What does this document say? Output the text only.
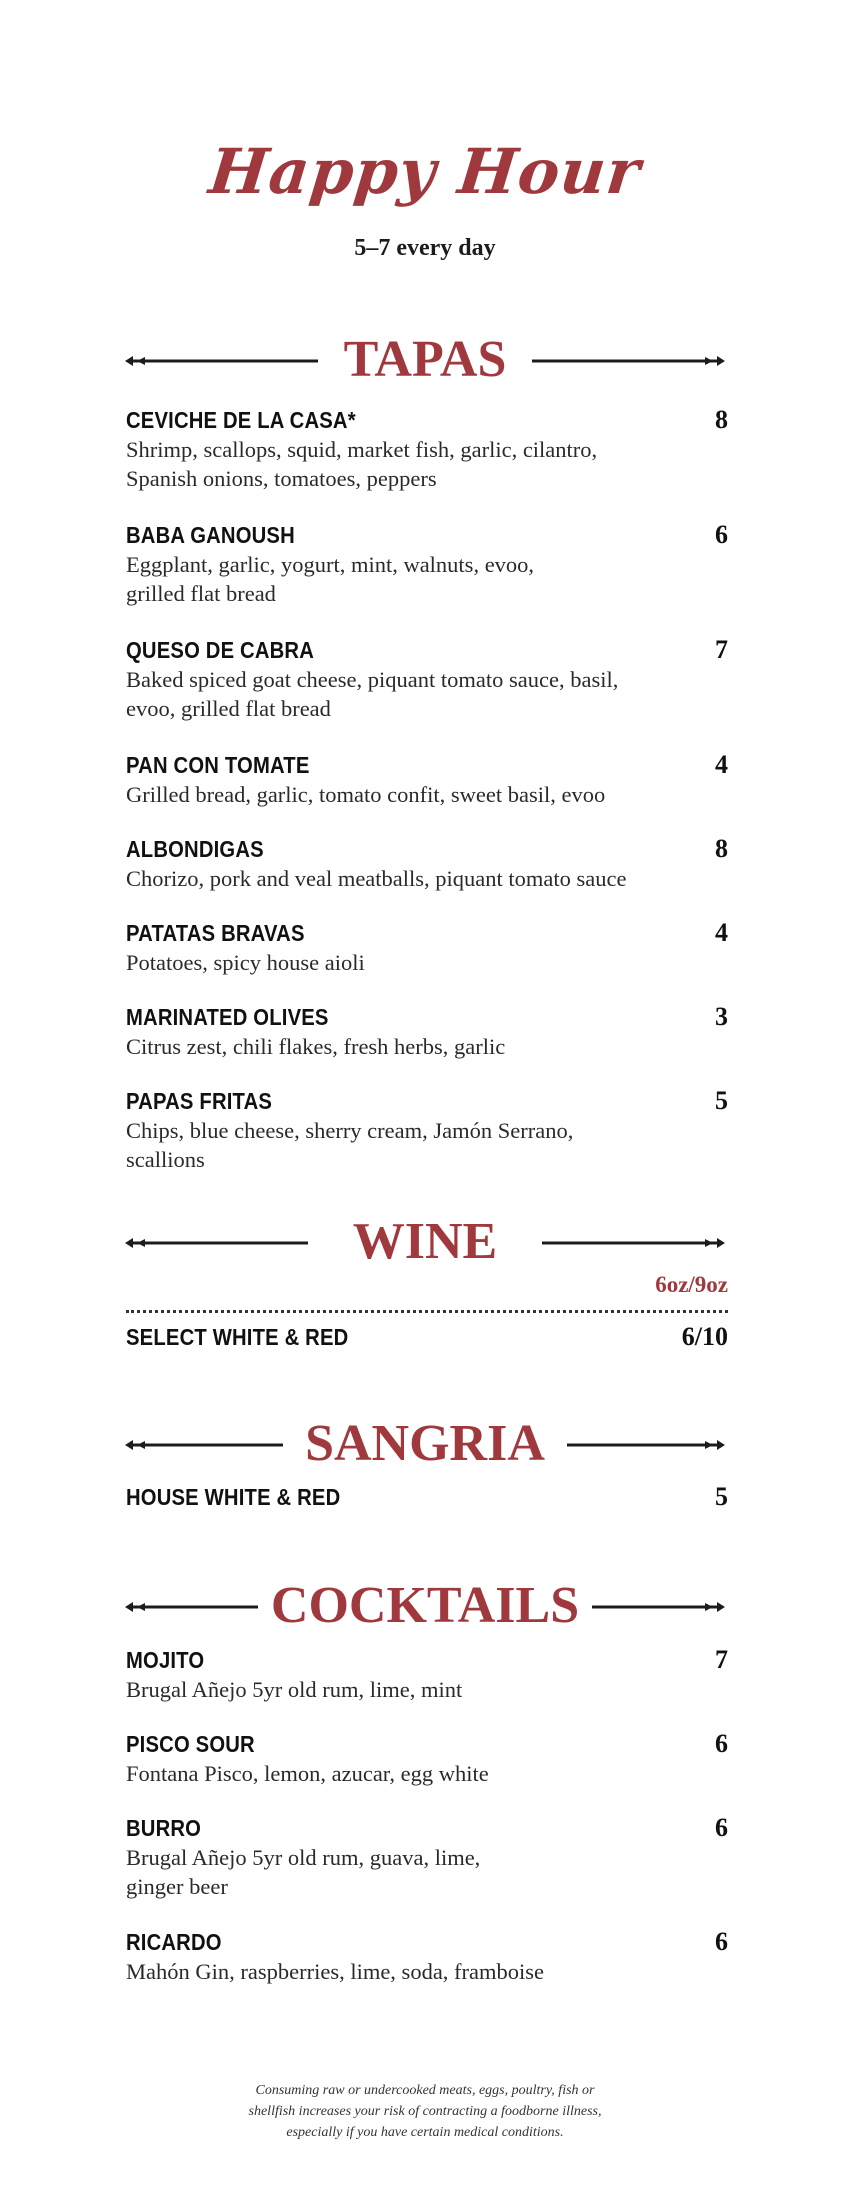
Happy Hour
5–7 every day
TAPAS
CEVICHE DE LA CASA*	8
Shrimp, scallops, squid, market fish, garlic, cilantro,
Spanish onions, tomatoes, peppers
BABA GANOUSH	6
Eggplant, garlic, yogurt, mint, walnuts, evoo,
grilled flat bread
QUESO DE CABRA	7
Baked spiced goat cheese, piquant tomato sauce, basil,
evoo, grilled flat bread
PAN CON TOMATE	4
Grilled bread, garlic, tomato confit, sweet basil, evoo
ALBONDIGAS	8
Chorizo, pork and veal meatballs, piquant tomato sauce
PATATAS BRAVAS	4
Potatoes, spicy house aioli
MARINATED OLIVES	3
Citrus zest, chili flakes, fresh herbs, garlic
PAPAS FRITAS	5
Chips, blue cheese, sherry cream, Jamón Serrano,
scallions
WINE
6oz/9oz
SELECT WHITE & RED	6/10
SANGRIA
HOUSE WHITE & RED	5
COCKTAILS
MOJITO	7
Brugal Añejo 5yr old rum, lime, mint
PISCO SOUR	6
Fontana Pisco, lemon, azucar, egg white
BURRO	6
Brugal Añejo 5yr old rum, guava, lime,
ginger beer
RICARDO	6
Mahón Gin, raspberries, lime, soda, framboise
Consuming raw or undercooked meats, eggs, poultry, fish or
shellfish increases your risk of contracting a foodborne illness,
especially if you have certain medical conditions.
